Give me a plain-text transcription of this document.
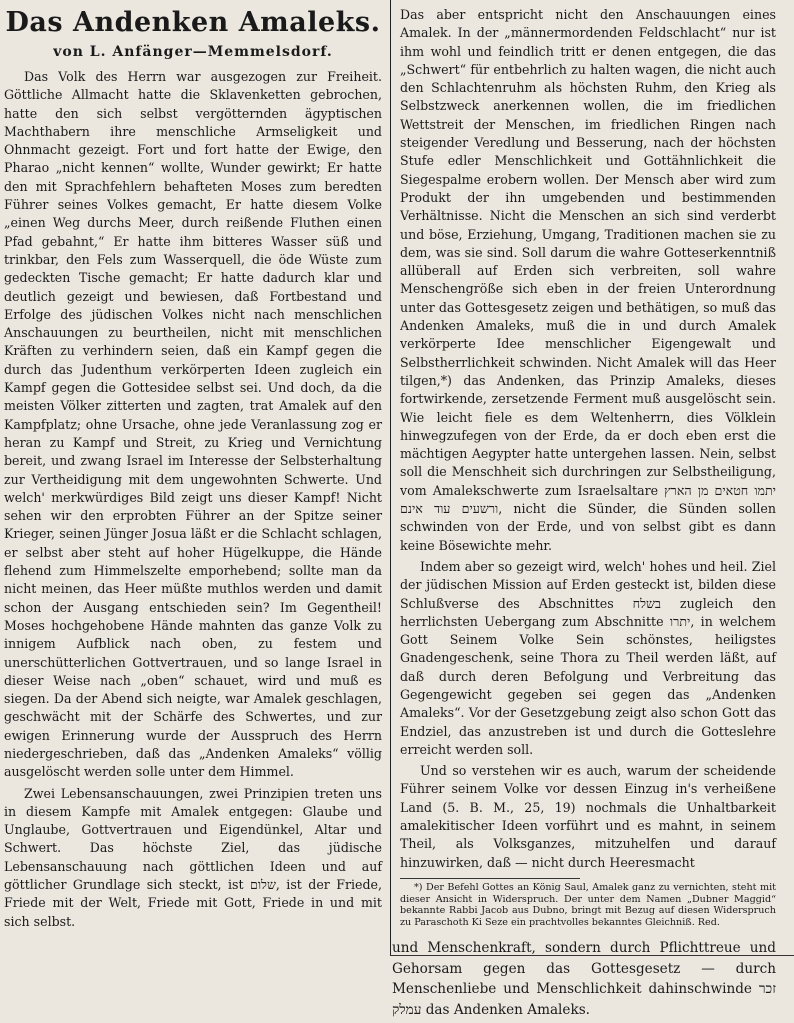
Das Andenken Amaleks.
von L. Anfänger—Memmelsdorf.

Das Volk des Herrn war ausgezogen zur Freiheit. Göttliche Allmacht hatte die Sklavenketten gebrochen, hatte den sich selbst vergötternden ägyptischen Machthabern ihre menschliche Armseligkeit und Ohnmacht gezeigt. Fort und fort hatte der Ewige, den Pharao „nicht kennen“ wollte, Wunder gewirkt; Er hatte den mit Sprachfehlern behafteten Moses zum beredten Führer seines Volkes gemacht, Er hatte diesem Volke „einen Weg durchs Meer, durch reißende Fluthen einen Pfad gebahnt,“ Er hatte ihm bitteres Wasser süß und trinkbar, den Fels zum Wasserquell, die öde Wüste zum gedeckten Tische gemacht; Er hatte dadurch klar und deutlich gezeigt und bewiesen, daß Fortbestand und Erfolge des jüdischen Volkes nicht nach menschlichen Anschauungen zu beurtheilen, nicht mit menschlichen Kräften zu verhindern seien, daß ein Kampf gegen die durch das Judenthum verkörperten Ideen zugleich ein Kampf gegen die Gottesidee selbst sei. Und doch, da die meisten Völker zitterten und zagten, trat Amalek auf den Kampfplatz; ohne Ursache, ohne jede Veranlassung zog er heran zu Kampf und Streit, zu Krieg und Vernichtung bereit, und zwang Israel im Interesse der Selbsterhaltung zur Vertheidigung mit dem ungewohnten Schwerte. Und welch' merkwürdiges Bild zeigt uns dieser Kampf! Nicht sehen wir den erprobten Führer an der Spitze seiner Krieger, seinen Jünger Josua läßt er die Schlacht schlagen, er selbst aber steht auf hoher Hügelkuppe, die Hände flehend zum Himmelszelte emporhebend; sollte man da nicht meinen, das Heer müßte muthlos werden und damit schon der Ausgang entschieden sein? Im Gegentheil! Moses hochgehobene Hände mahnten das ganze Volk zu innigem Aufblick nach oben, zu festem und unerschütterlichen Gottvertrauen, und so lange Israel in dieser Weise nach „oben“ schauet, wird und muß es siegen. Da der Abend sich neigte, war Amalek geschlagen, geschwächt mit der Schärfe des Schwertes, und zur ewigen Erinnerung wurde der Ausspruch des Herrn niedergeschrieben, daß das „Andenken Amaleks“ völlig ausgelöscht werden solle unter dem Himmel.

Zwei Lebensanschauungen, zwei Prinzipien treten uns in diesem Kampfe mit Amalek entgegen: Glaube und Unglaube, Gottvertrauen und Eigendünkel, Altar und Schwert. Das höchste Ziel, das jüdische Lebensanschauung nach göttlichen Ideen und auf göttlicher Grundlage sich steckt, ist שלום, ist der Friede, Friede mit der Welt, Friede mit Gott, Friede in und mit sich selbst.

Das aber entspricht nicht den Anschauungen eines Amalek. In der „männermordenden Feldschlacht“ nur ist ihm wohl und feindlich tritt er denen entgegen, die das „Schwert“ für entbehrlich zu halten wagen, die nicht auch den Schlachtenruhm als höchsten Ruhm, den Krieg als Selbstzweck anerkennen wollen, die im friedlichen Wettstreit der Menschen, im friedlichen Ringen nach steigender Veredlung und Besserung, nach der höchsten Stufe edler Menschlichkeit und Gottähnlichkeit die Siegespalme erobern wollen. Der Mensch aber wird zum Produkt der ihn umgebenden und bestimmenden Verhältnisse. Nicht die Menschen an sich sind verderbt und böse, Erziehung, Umgang, Traditionen machen sie zu dem, was sie sind. Soll darum die wahre Gotteserkenntniß allüberall auf Erden sich verbreiten, soll wahre Menschengröße sich eben in der freien Unterordnung unter das Gottesgesetz zeigen und bethätigen, so muß das Andenken Amaleks, muß die in und durch Amalek verkörperte Idee menschlicher Eigengewalt und Selbstherrlichkeit schwinden. Nicht Amalek will das Heer tilgen,*) das Andenken, das Prinzip Amaleks, dieses fortwirkende, zersetzende Ferment muß ausgelöscht sein. Wie leicht fiele es dem Weltenherrn, dies Völklein hinwegzufegen von der Erde, da er doch eben erst die mächtigen Aegypter hatte untergehen lassen. Nein, selbst soll die Menschheit sich durchringen zur Selbstheiligung, vom Amalekschwerte zum Israelsaltare יתמו חטאים מן הארץ ורשעים עוד אינם, nicht die Sünder, die Sünden sollen schwinden von der Erde, und von selbst gibt es dann keine Bösewichte mehr.

Indem aber so gezeigt wird, welch' hohes und heil. Ziel der jüdischen Mission auf Erden gesteckt ist, bilden diese Schlußverse des Abschnittes בשלח zugleich den herrlichsten Uebergang zum Abschnitte יתרו, in welchem Gott Seinem Volke Sein schönstes, heiligstes Gnadengeschenk, seine Thora zu Theil werden läßt, auf daß durch deren Befolgung und Verbreitung das Gegengewicht gegeben sei gegen das „Andenken Amaleks“. Vor der Gesetzgebung zeigt also schon Gott das Endziel, das anzustreben ist und durch die Gotteslehre erreicht werden soll.

Und so verstehen wir es auch, warum der scheidende Führer seinem Volke vor dessen Einzug in's verheißene Land (5. B. M., 25, 19) nochmals die Unhaltbarkeit amalekitischer Ideen vorführt und es mahnt, in seinem Theil, als Volksganzes, mitzuhelfen und darauf hinzuwirken, daß — nicht durch Heeresmacht

*) Der Befehl Gottes an König Saul, Amalek ganz zu vernichten, steht mit dieser Ansicht in Widerspruch. Der unter dem Namen „Dubner Maggid“ bekannte Rabbi Jacob aus Dubno, bringt mit Bezug auf diesen Widerspruch zu Paraschoth Ki Seze ein prachtvolles bekanntes Gleichniß. Red.
und Menschenkraft, sondern durch Pflichttreue und Gehorsam gegen das Gottesgesetz — durch Menschenliebe und Menschlichkeit dahinschwinde זכר עמלק das Andenken Amaleks.
